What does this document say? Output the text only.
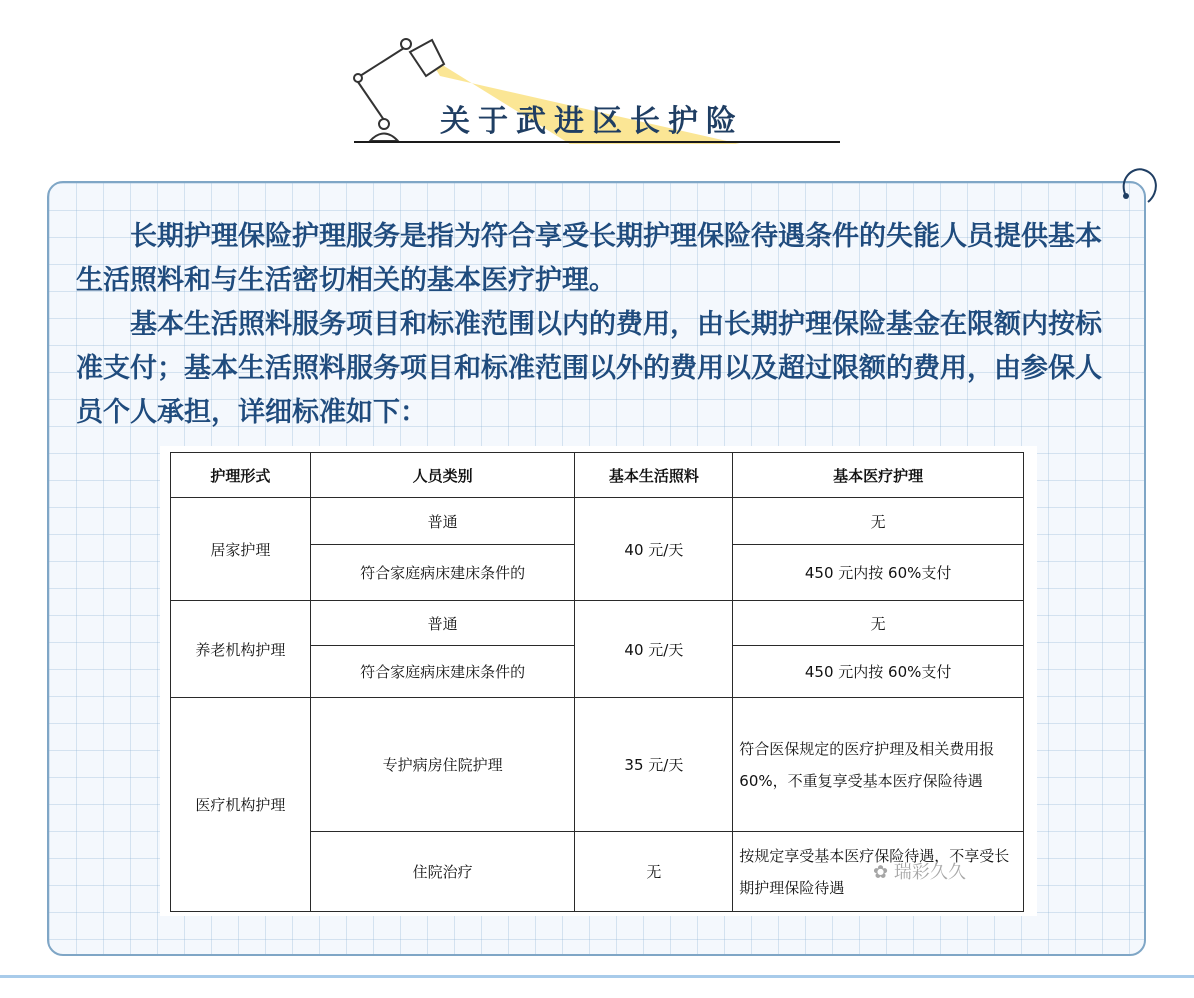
关于武进区长护险

长期护理保险护理服务是指为符合享受长期护理保险待遇条件的失能人员提供基本生活照料和与生活密切相关的基本医疗护理。

基本生活照料服务项目和标准范围以内的费用，由长期护理保险基金在限额内按标准支付；基本生活照料服务项目和标准范围以外的费用以及超过限额的费用，由参保人员个人承担，详细标准如下：

护理形式	人员类别	基本生活照料	基本医疗护理
居家护理	普通	40 元/天	无
	符合家庭病床建床条件的		450 元内按 60%支付
养老机构护理	普通	40 元/天	无
	符合家庭病床建床条件的		450 元内按 60%支付
医疗机构护理	专护病房住院护理	35 元/天	符合医保规定的医疗护理及相关费用报 60%，不重复享受基本医疗保险待遇
	住院治疗	无	按规定享受基本医疗保险待遇，不享受长期护理保险待遇
✿ 瑞彩久久
